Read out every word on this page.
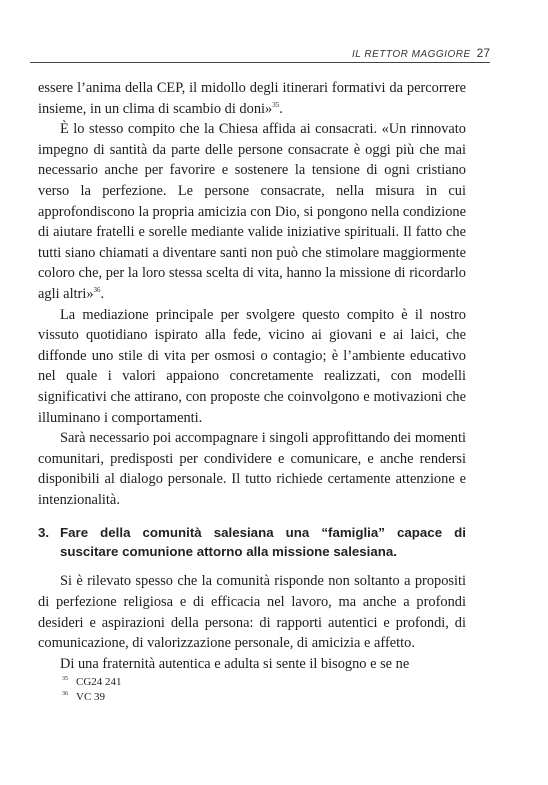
IL RETTOR MAGGIORE 27

essere l’anima della CEP, il midollo degli itinerari formativi da percorrere insieme, in un clima di scambio di doni»$^{35}$.

È lo stesso compito che la Chiesa affida ai consacrati. «Un rinnovato impegno di santità da parte delle persone consacrate è oggi più che mai necessario anche per favorire e sostenere la tensione di ogni cristiano verso la perfezione. Le persone consacrate, nella misura in cui approfondiscono la propria amicizia con Dio, si pongono nella condizione di aiutare fratelli e sorelle mediante valide iniziative spirituali. Il fatto che tutti siano chiamati a diventare santi non può che stimolare maggiormente coloro che, per la loro stessa scelta di vita, hanno la missione di ricordarlo agli altri»$^{36}$.

La mediazione principale per svolgere questo compito è il nostro vissuto quotidiano ispirato alla fede, vicino ai giovani e ai laici, che diffonde uno stile di vita per osmosi o contagio; è l’ambiente educativo nel quale i valori appaiono concretamente realizzati, con modelli significativi che attirano, con proposte che coinvolgono e motivazioni che illuminano i comportamenti.

Sarà necessario poi accompagnare i singoli approfittando dei momenti comunitari, predisposti per condividere e comunicare, e anche rendersi disponibili al dialogo personale. Il tutto richiede certamente attenzione e intenzionalità.

3. Fare della comunità salesiana una “famiglia” capace di suscitare comunione attorno alla missione salesiana.

Si è rilevato spesso che la comunità risponde non soltanto a propositi di perfezione religiosa e di efficacia nel lavoro, ma anche a profondi desideri e aspirazioni della persona: di rapporti autentici e profondi, di comunicazione, di valorizzazione personale, di amicizia e affetto.

Di una fraternità autentica e adulta si sente il bisogno e se ne

$^{35}$ CG24 241
$^{36}$ VC 39
